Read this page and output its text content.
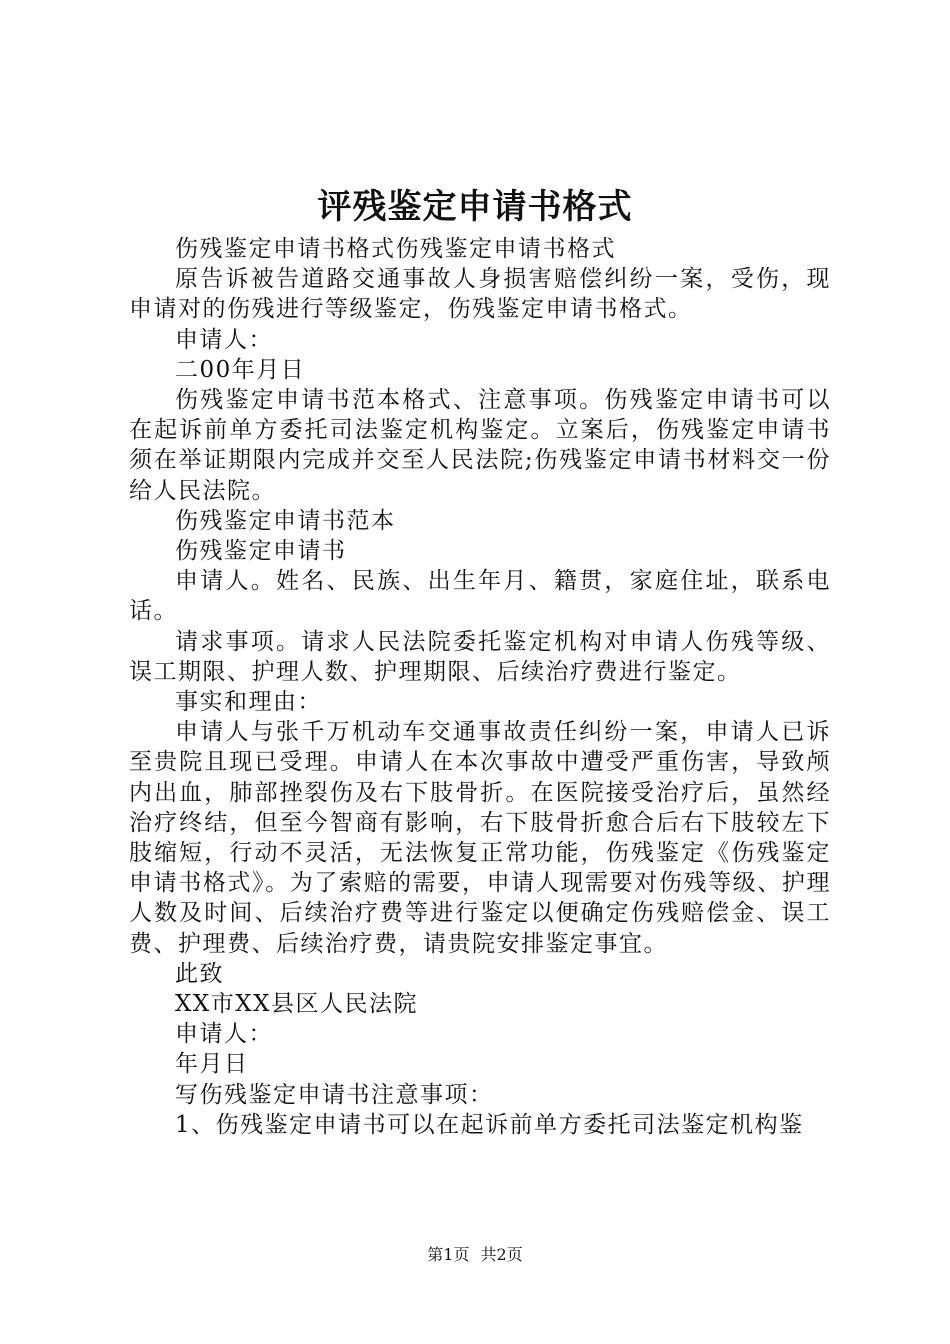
评残鉴定申请书格式

伤残鉴定申请书格式伤残鉴定申请书格式

原告诉被告道路交通事故人身损害赔偿纠纷一案，受伤，现申请对的伤残进行等级鉴定，伤残鉴定申请书格式。

申请人：

二00年月日

伤残鉴定申请书范本格式、注意事项。伤残鉴定申请书可以在起诉前单方委托司法鉴定机构鉴定。立案后，伤残鉴定申请书须在举证期限内完成并交至人民法院;伤残鉴定申请书材料交一份给人民法院。

伤残鉴定申请书范本

伤残鉴定申请书

申请人。姓名、民族、出生年月、籍贯，家庭住址，联系电话。

请求事项。请求人民法院委托鉴定机构对申请人伤残等级、误工期限、护理人数、护理期限、后续治疗费进行鉴定。

事实和理由：

申请人与张千万机动车交通事故责任纠纷一案，申请人已诉至贵院且现已受理。申请人在本次事故中遭受严重伤害，导致颅内出血，肺部挫裂伤及右下肢骨折。在医院接受治疗后，虽然经治疗终结，但至今智商有影响，右下肢骨折愈合后右下肢较左下肢缩短，行动不灵活，无法恢复正常功能，伤残鉴定《伤残鉴定申请书格式》。为了索赔的需要，申请人现需要对伤残等级、护理人数及时间、后续治疗费等进行鉴定以便确定伤残赔偿金、误工费、护理费、后续治疗费，请贵院安排鉴定事宜。

此致

XX市XX县区人民法院

申请人：

年月日

写伤残鉴定申请书注意事项：

1、伤残鉴定申请书可以在起诉前单方委托司法鉴定机构鉴

第1页 共2页
